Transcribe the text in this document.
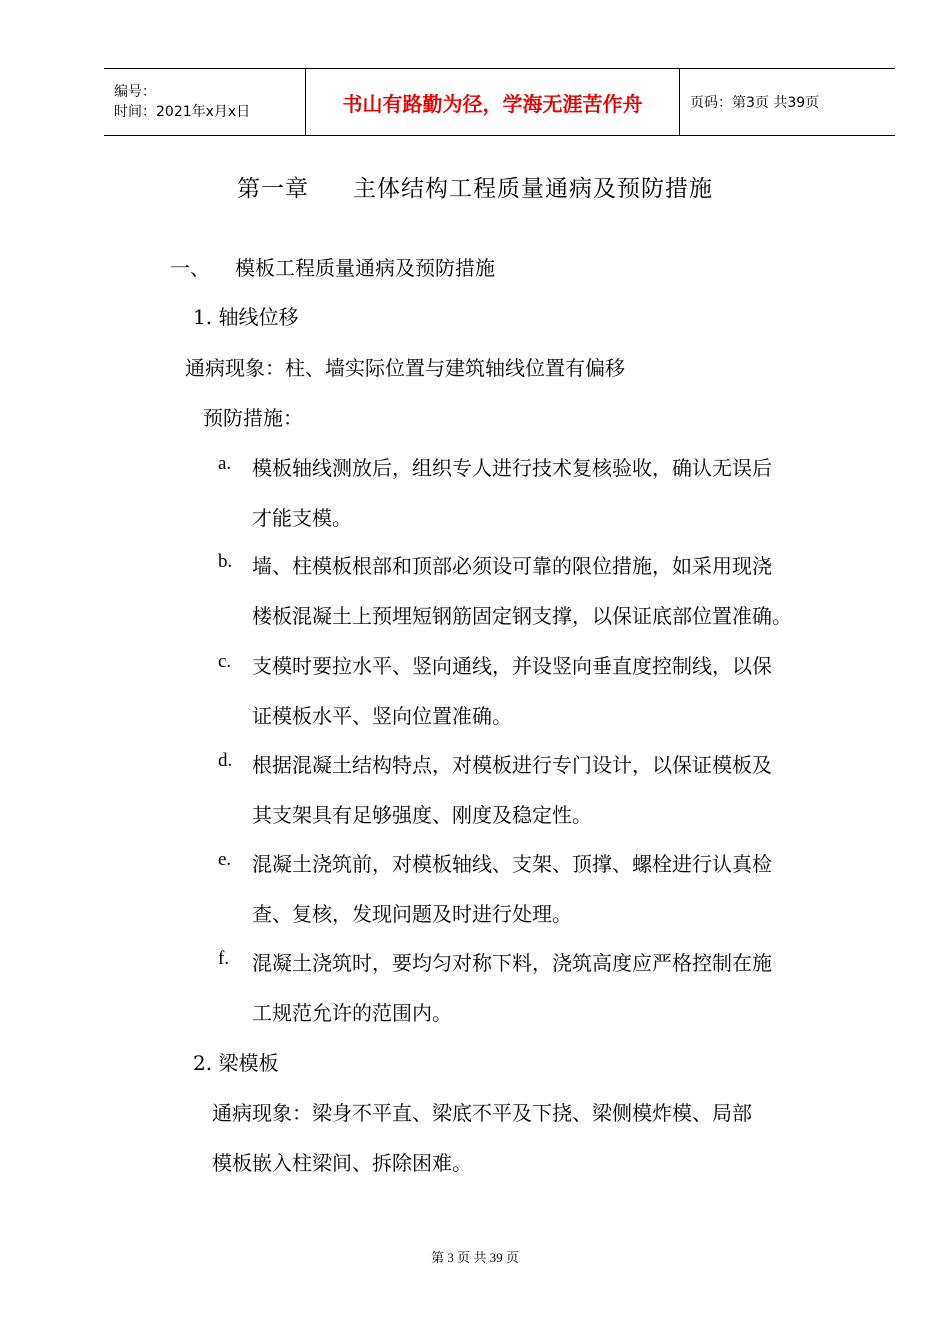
编号：
时间：2021年x月x日	书山有路勤为径，学海无涯苦作舟	页码：第3页 共39页
第一章 主体结构工程质量通病及预防措施
一、 模板工程质量通病及预防措施
1. 轴线位移
通病现象：柱、墙实际位置与建筑轴线位置有偏移
预防措施：
a. 模板轴线测放后，组织专人进行技术复核验收，确认无误后
才能支模。
b. 墙、柱模板根部和顶部必须设可靠的限位措施，如采用现浇
楼板混凝土上预埋短钢筋固定钢支撑，以保证底部位置准确。
c. 支模时要拉水平、竖向通线，并设竖向垂直度控制线，以保
证模板水平、竖向位置准确。
d. 根据混凝土结构特点，对模板进行专门设计，以保证模板及
其支架具有足够强度、刚度及稳定性。
e. 混凝土浇筑前，对模板轴线、支架、顶撑、螺栓进行认真检
查、复核，发现问题及时进行处理。
f. 混凝土浇筑时，要均匀对称下料，浇筑高度应严格控制在施
工规范允许的范围内。
2. 梁模板
通病现象：梁身不平直、梁底不平及下挠、梁侧模炸模、局部
模板嵌入柱梁间、拆除困难。
第 3 页 共 39 页
